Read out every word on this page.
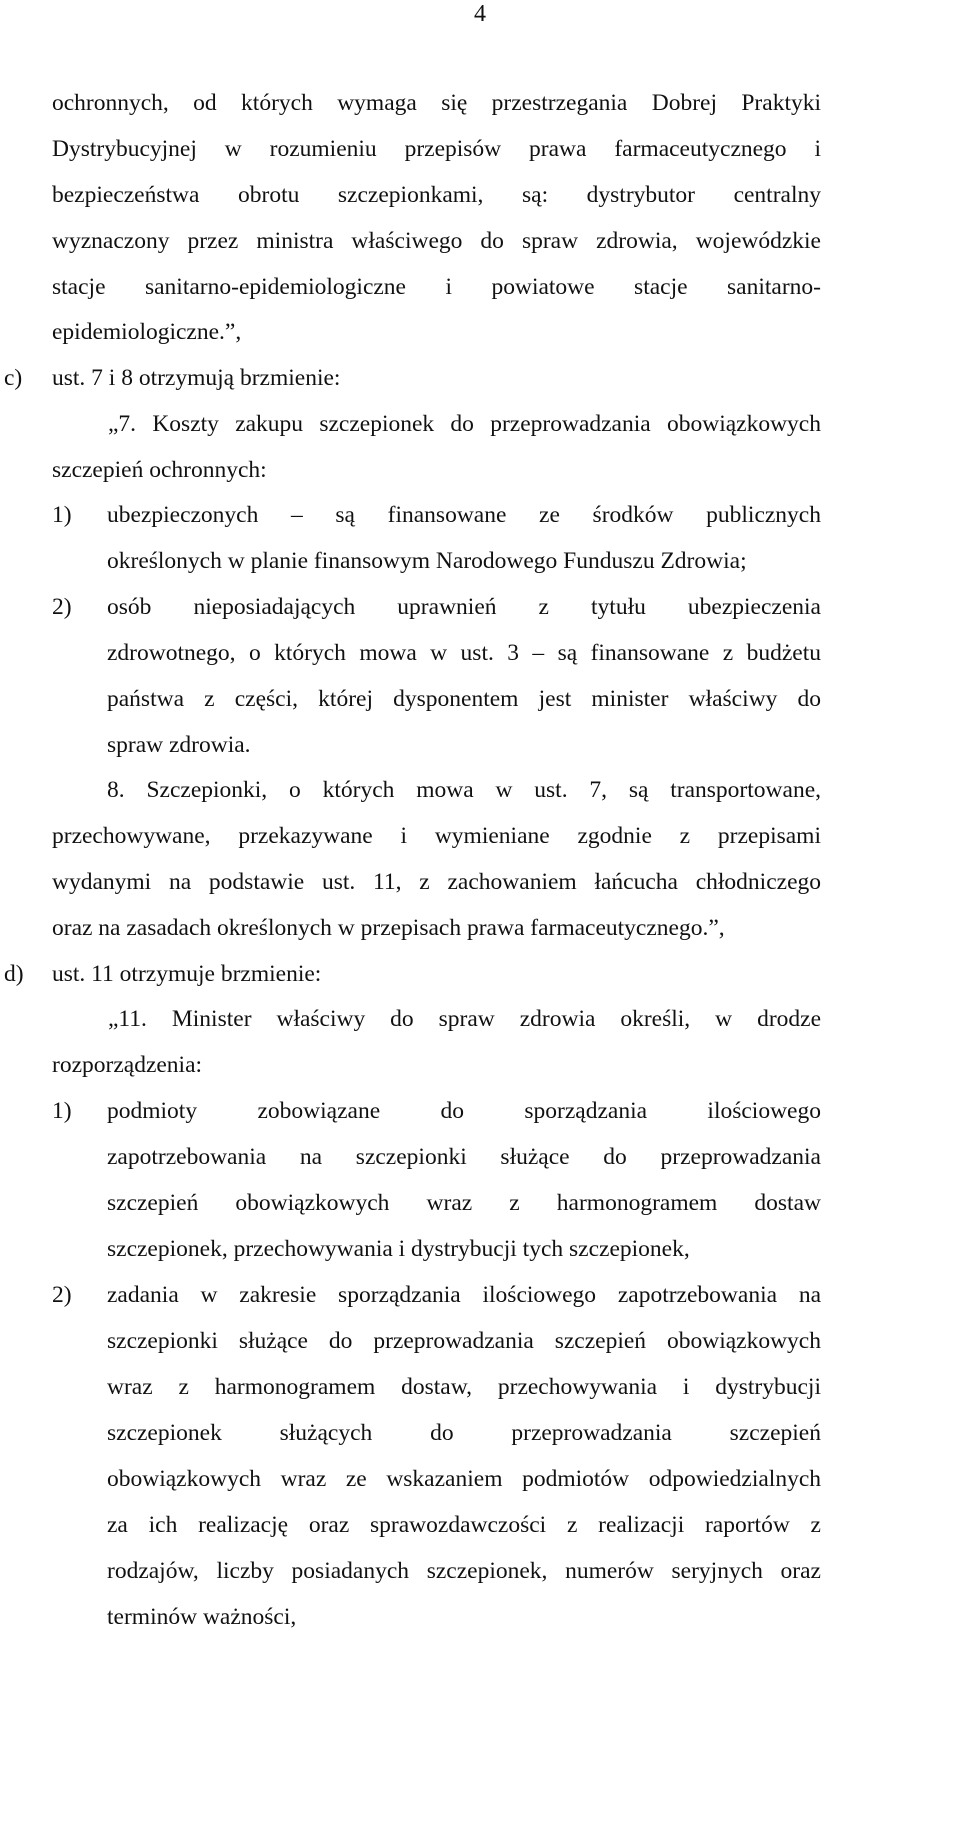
4
ochronnych, od których wymaga się przestrzegania Dobrej Praktyki
Dystrybucyjnej w rozumieniu przepisów prawa farmaceutycznego i
bezpieczeństwa obrotu szczepionkami, są: dystrybutor centralny
wyznaczony przez ministra właściwego do spraw zdrowia, wojewódzkie
stacje sanitarno-epidemiologiczne i powiatowe stacje sanitarno-
epidemiologiczne.”,
c) ust. 7 i 8 otrzymują brzmienie:
„7. Koszty zakupu szczepionek do przeprowadzania obowiązkowych
szczepień ochronnych:
1) ubezpieczonych – są finansowane ze środków publicznych
określonych w planie finansowym Narodowego Funduszu Zdrowia;
2) osób nieposiadających uprawnień z tytułu ubezpieczenia
zdrowotnego, o których mowa w ust. 3 – są finansowane z budżetu
państwa z części, której dysponentem jest minister właściwy do
spraw zdrowia.
8. Szczepionki, o których mowa w ust. 7, są transportowane,
przechowywane, przekazywane i wymieniane zgodnie z przepisami
wydanymi na podstawie ust. 11, z zachowaniem łańcucha chłodniczego
oraz na zasadach określonych w przepisach prawa farmaceutycznego.”,
d) ust. 11 otrzymuje brzmienie:
„11. Minister właściwy do spraw zdrowia określi, w drodze
rozporządzenia:
1) podmioty zobowiązane do sporządzania ilościowego
zapotrzebowania na szczepionki służące do przeprowadzania
szczepień obowiązkowych wraz z harmonogramem dostaw
szczepionek, przechowywania i dystrybucji tych szczepionek,
2) zadania w zakresie sporządzania ilościowego zapotrzebowania na
szczepionki służące do przeprowadzania szczepień obowiązkowych
wraz z harmonogramem dostaw, przechowywania i dystrybucji
szczepionek służących do przeprowadzania szczepień
obowiązkowych wraz ze wskazaniem podmiotów odpowiedzialnych
za ich realizację oraz sprawozdawczości z realizacji raportów z
rodzajów, liczby posiadanych szczepionek, numerów seryjnych oraz
terminów ważności,
